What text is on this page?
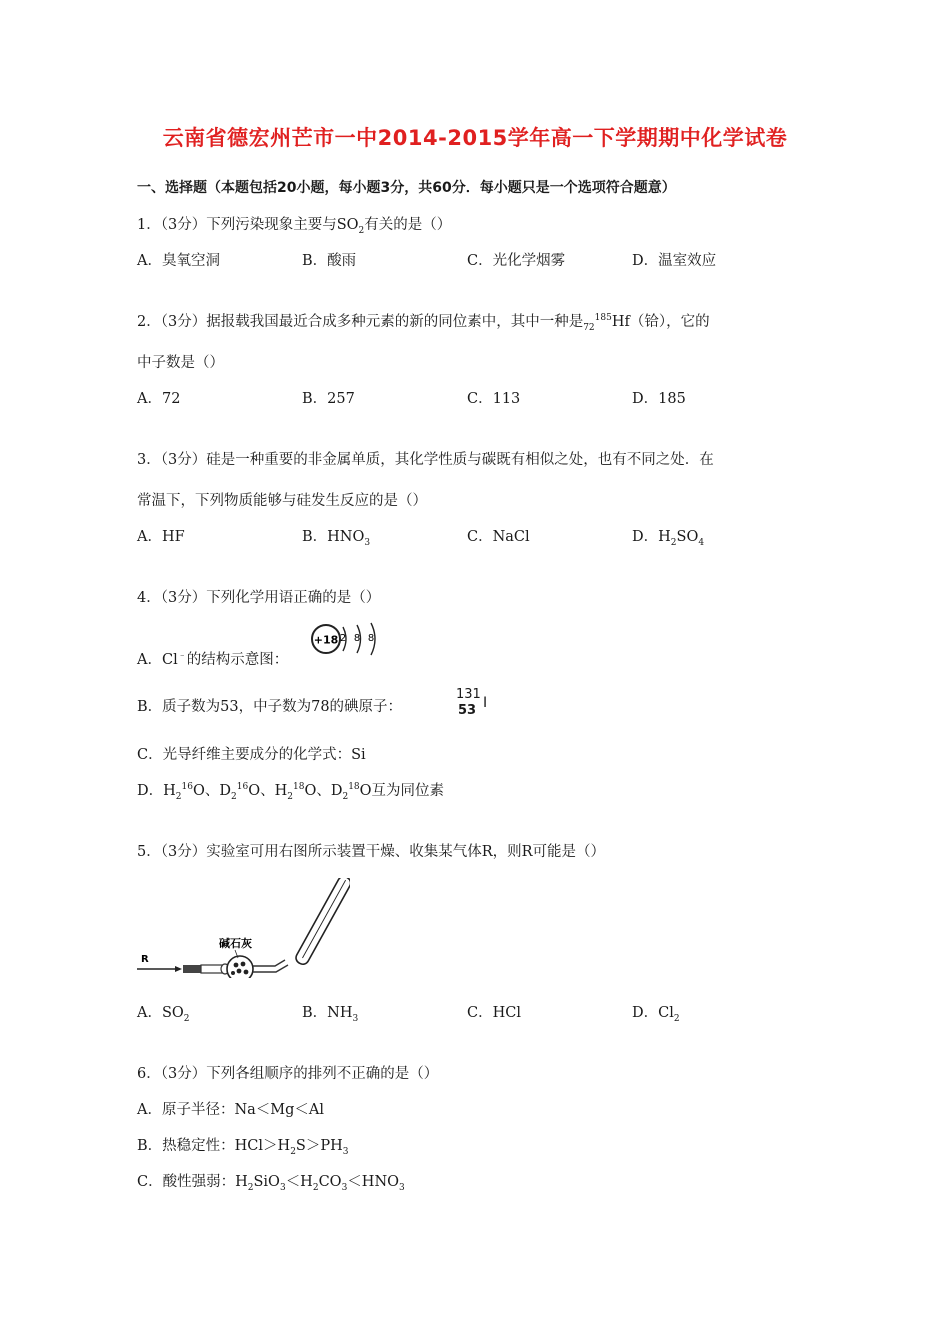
云南省德宏州芒市一中2014-2015学年高一下学期期中化学试卷
一、选择题（本题包括20小题，每小题3分，共60分．每小题只是一个选项符合题意）
1．（3分）下列污染现象主要与$SO_2$有关的是（）
A．臭氧空洞	B．酸雨	C．光化学烟雾	D．温室效应
2．（3分）据报载我国最近合成多种元素的新的同位素中，其中一种是$_{72}^{185}$Hf（铪），它的
中子数是（）
A．72	B．257	C．113	D．185
3．（3分）硅是一种重要的非金属单质，其化学性质与碳既有相似之处，也有不同之处．在
常温下，下列物质能够与硅发生反应的是（）
A．HF	B．$HNO_3$	C．NaCl	D．$H_2SO_4$
4．（3分）下列化学用语正确的是（）
A．Cl﹣的结构示意图：
+18 2 8 8
B．质子数为53，中子数为78的碘原子：
131
53 I
C．光导纤维主要成分的化学式：Si
D．$H_2^{16}O$、$D_2^{16}O$、$H_2^{18}O$、$D_2^{18}O$互为同位素
5．（3分）实验室可用右图所示装置干燥、收集某气体R，则R可能是（）
R
碱石灰
A．$SO_2$	B．$NH_3$	C．HCl	D．$Cl_2$
6．（3分）下列各组顺序的排列不正确的是（）
A．原子半径：Na＜Mg＜Al
B．热稳定性：$HCl>H_2S>PH_3$
C．酸性强弱：$H_2SiO_3<H_2CO_3<HNO_3$
